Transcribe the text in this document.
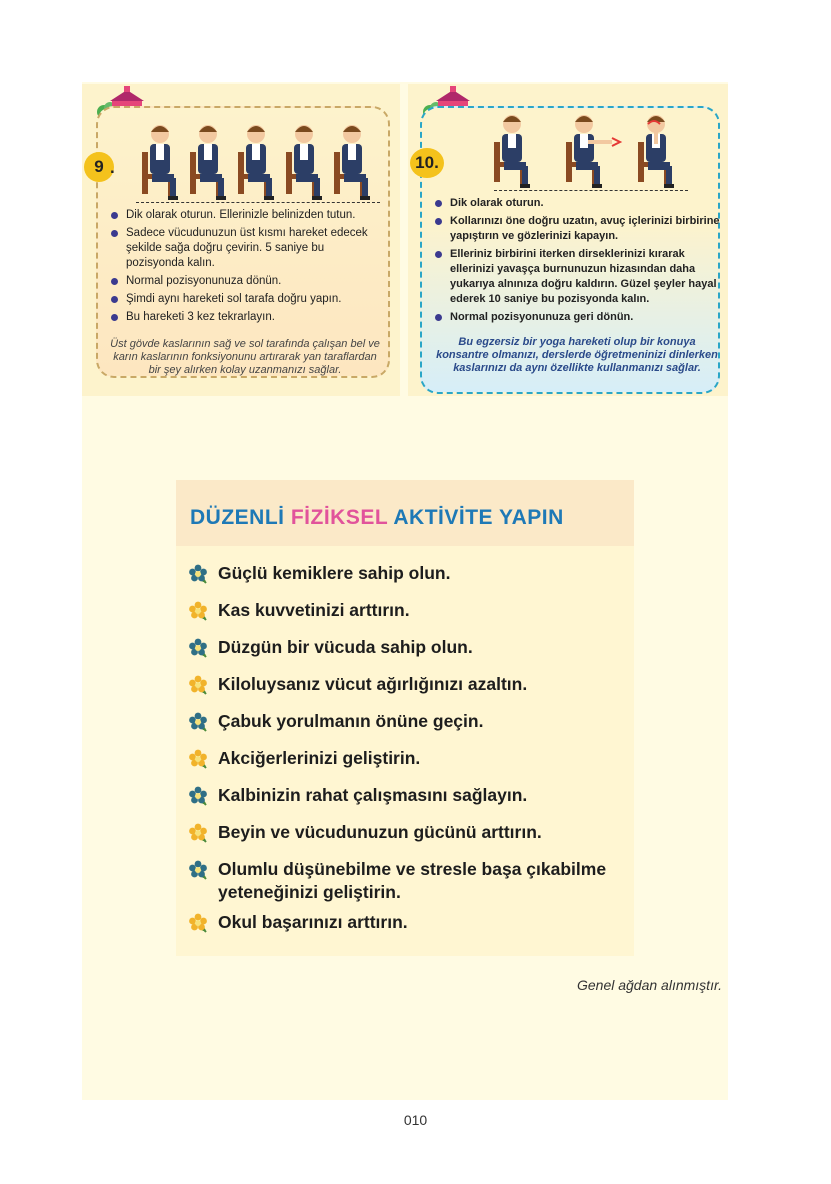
9 .
Dik olarak oturun. Ellerinizle belinizden tutun.
Sadece vücudunuzun üst kısmı hareket edecek şekilde sağa doğru çevirin. 5 saniye bu pozisyonda kalın.
Normal pozisyonunuza dönün.
Şimdi aynı hareketi sol tarafa doğru yapın.
Bu hareketi 3 kez tekrarlayın.
Üst gövde kaslarının sağ ve sol tarafında çalışan bel ve karın kaslarının fonksiyonunu artırarak yan taraflardan bir şey alırken kolay uzanmanızı sağlar.
10.
Dik olarak oturun.
Kollarınızı öne doğru uzatın, avuç içlerinizi birbirine yapıştırın ve gözlerinizi kapayın.
Elleriniz birbirini iterken dirseklerinizi kırarak ellerinizi yavaşça burnunuzun hizasından daha yukarıya alnınıza doğru kaldırın. Güzel şeyler hayal ederek 10 saniye bu pozisyonda kalın.
Normal pozisyonunuza geri dönün.
Bu egzersiz bir yoga hareketi olup bir konuya konsantre olmanızı, derslerde öğretmeninizi dinlerken kaslarınızı da aynı özellikte kullanmanızı sağlar.
DÜZENLİ FİZİKSEL AKTİVİTE YAPIN
Güçlü kemiklere sahip olun.
Kas kuvvetinizi arttırın.
Düzgün bir vücuda sahip olun.
Kiloluysanız vücut ağırlığınızı azaltın.
Çabuk yorulmanın önüne geçin.
Akciğerlerinizi geliştirin.
Kalbinizin rahat çalışmasını sağlayın.
Beyin ve vücudunuzun gücünü arttırın.
Olumlu düşünebilme ve stresle başa çıkabilme yeteneğinizi geliştirin.
Okul başarınızı arttırın.
Genel ağdan alınmıştır.
010
